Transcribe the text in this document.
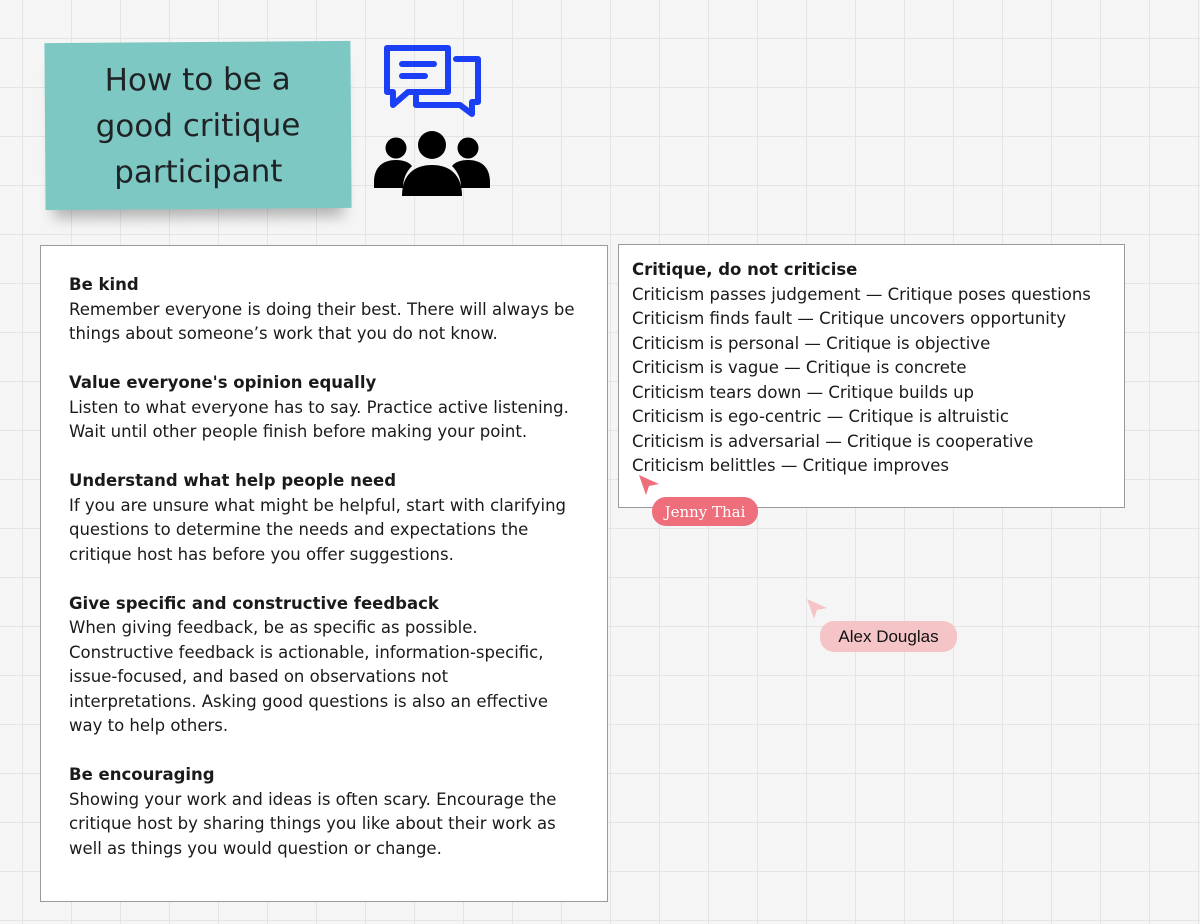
How to be a good critique participant

Be kind

Remember everyone is doing their best. There will always be things about someone’s work that you do not know.

Value everyone's opinion equally

Listen to what everyone has to say. Practice active listening. Wait until other people finish before making your point.

Understand what help people need

If you are unsure what might be helpful, start with clarifying questions to determine the needs and expectations the critique host has before you offer suggestions.

Give specific and constructive feedback

When giving feedback, be as specific as possible. Constructive feedback is actionable, information-specific, issue-focused, and based on observations not interpretations. Asking good questions is also an effective way to help others.

Be encouraging

Showing your work and ideas is often scary. Encourage the critique host by sharing things you like about their work as well as things you would question or change.

Critique, do not criticise

Criticism passes judgement — Critique poses questions
Criticism finds fault — Critique uncovers opportunity
Criticism is personal — Critique is objective
Criticism is vague — Critique is concrete
Criticism tears down — Critique builds up
Criticism is ego-centric — Critique is altruistic
Criticism is adversarial — Critique is cooperative
Criticism belittles — Critique improves
Jenny Thai
Alex Douglas
